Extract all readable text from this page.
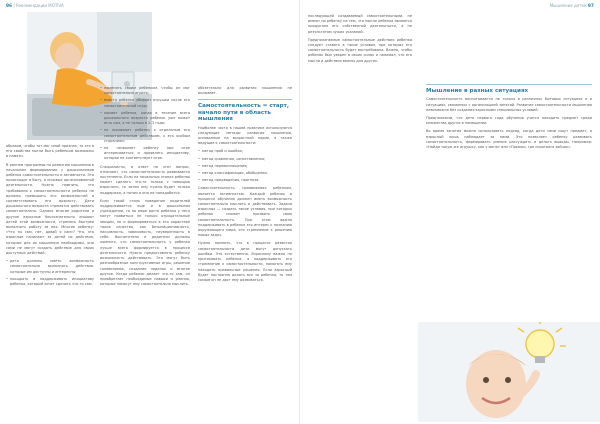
96 | Рекомендации MOTIVA

образом, чтобы тот мог иной признак, то это в его свойства могли быть ребенком возможны в памяти.

В раннем программы по развитию мышления в начальном формировании у дошкольников ребенка самостоятельности и активности. Это происходит в быту, в игровых организованной деятельности. Нужно помнить, что требования к самостоятельности ребенка не должны превышать его возможностей и соответствовать его возрасту. Дети дошкольного возраста стремятся действовать самостоятельно. Однако многие родители и другие взрослые бессознательно лишают детей этой возможности, стремясь быстрее выполнить работу за них. Многие ребенку: «Что ты сам, нет, давай я сам»? Что, это взрослые начинают за детей их действия, которые для их мышления необходимы, они сами не могут создать действие для своих доступных действий.

• дети должны иметь возможность самостоятельно выполнять действия, которые им доступны и интересны;
• поощрять и поддерживать инициативу ребенка, который хочет сделать что-то сам.
• поменять своим ребенком, чтобы он мог самостоятельно играть;
• вместо ребенка убирает игрушки после его самостоятельной игры;
• кормит ребенка, когда в течение всего дошкольного возраста ребенок уже может есть сам, а не только в 2–3 года;
• не проявляет ребенку к отдельным его самостоятельным действиям, к его особым стараниям;
• не позволяет ребенку при игре интересоваться и проявлять инициативу, которая не соответствует игре.

Специалисты, в ответ на этот вопрос, отмечают, что самостоятельность развивается постепенно. Если на начальных этапах ребенок может сделать что-то только с помощью взрослого, то затем ему нужна будет только поддержка, а потом и она не понадобится.

Если такой стиль поведения родителей поддерживается еще и в дошкольном учреждении, то по мере роста ребенка у него могут появиться не только отрицательные эмоции, но и формироваться в его характере такие качества, как безынициативность, пассивность, зависимость, неуверенность в себе. Воспитатели и родители должны помнить, что самостоятельность у ребенка лучше всего формируется в процессе деятельности. Нужно предоставлять ребенку возможность действовать. Это могут быть разнообразные конструктивные игры, решение головоломок, создание поделок и многое другое. Когда ребенок делает что-то сам, он приобретает необходимые навыки и умения, которые помогут ему самостоятельно мыслить.

обязательно для развития мышления не вызывает.

Самостоятельность = старт, начало пути в область мышления

Наиболее часто в нашей практике используются следующие методы развития мышления, основанные на возрастной норме, а также ведущие к самостоятельности:

• метод проб и ошибок;
• метод сравнения, сопоставления;
• метод перевоплощения;
• метод классификации, обобщения;
• метод предвидения, прогноза.

Самостоятельность, проявляемая ребенком, является активностью. Каждый ребенок в процессе обучения должен иметь возможность самостоятельно мыслить и действовать. Задача взрослых — создать такие условия, при которых ребенок сможет проявить свою самостоятельность. При этом важно поддерживать в ребенке его интерес к познанию окружающего мира, его стремление к решению новых задач.

Нужно помнить, что в процессе развития самостоятельности дети могут допускать ошибки. Это естественно. Взрослому важно не критиковать ребенка, а поддерживать его стремление к самостоятельности, помогать ему находить правильные решения. Если взрослый будет постоянно делать все за ребенка, то тем самым он не даст ему развиваться.

Мышление детей 97

последующей создаваемый самостоятельными, не имеют по ребенку на тем, что мысли ребенка являются продуктом его собственной деятельности, а не результатом чужих указаний.

Предполагаемые самостоятельные действия ребенка следует ставить в такие условия, при которых его самостоятельность будет востребована. Важно, чтобы ребенок был уверен в своих силах и понимал, что его мысли и действия важны для других.

Мышление в разных ситуациях

Самостоятельность воспитывается не только в различных бытовых ситуациях и в ситуациях, связанных с организацией занятий. Развитие самостоятельности мышления невозможно без создания взрослыми специальных условий.

Предположим, что дети первого года обучения учатся находить предмет среди множества других в помещении.

Во время занятия можно использовать подход, когда дети сами ищут предмет, а взрослый лишь наблюдает за ними. Это позволяет ребенку развивать самостоятельность, формировать умение рассуждать и делать выводы. Например: «Найди такую же игрушку, как у меня» или «Покажи, где спрятался зайчик».
